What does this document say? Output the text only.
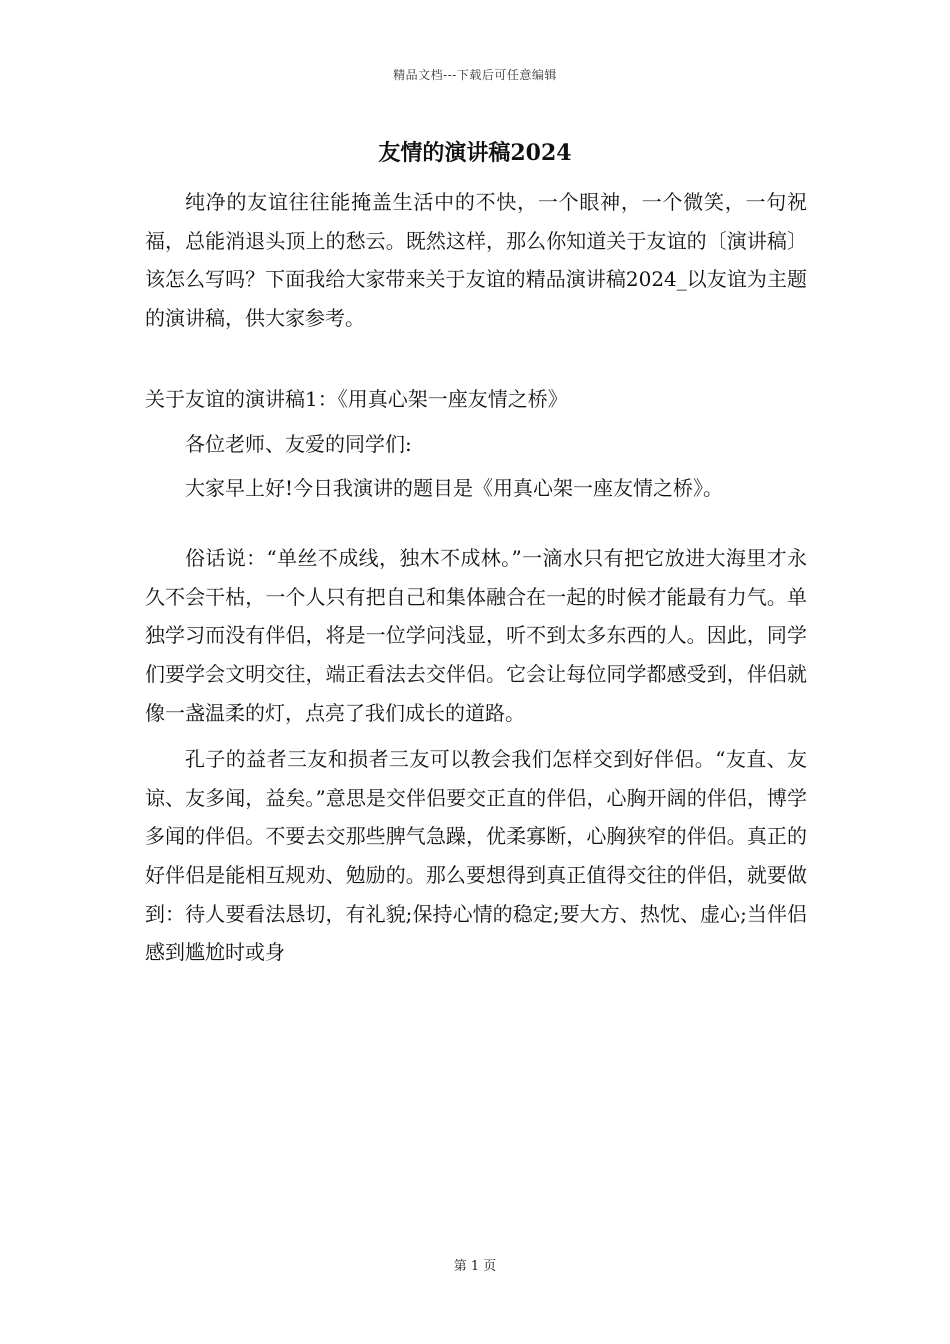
精品文档---下载后可任意编辑
友情的演讲稿2024

纯净的友谊往往能掩盖生活中的不快，一个眼神，一个微笑，一句祝福，总能消退头顶上的愁云。既然这样，那么你知道关于友谊的〔演讲稿〕该怎么写吗？下面我给大家带来关于友谊的精品演讲稿2024_以友谊为主题的演讲稿，供大家参考。

关于友谊的演讲稿1：《用真心架一座友情之桥》

各位老师、友爱的同学们:

大家早上好!今日我演讲的题目是《用真心架一座友情之桥》。

俗话说：“单丝不成线，独木不成林。”一滴水只有把它放进大海里才永久不会干枯，一个人只有把自己和集体融合在一起的时候才能最有力气。单独学习而没有伴侣，将是一位学问浅显，听不到太多东西的人。因此，同学们要学会文明交往，端正看法去交伴侣。它会让每位同学都感受到，伴侣就像一盏温柔的灯，点亮了我们成长的道路。

孔子的益者三友和损者三友可以教会我们怎样交到好伴侣。“友直、友谅、友多闻，益矣。”意思是交伴侣要交正直的伴侣，心胸开阔的伴侣，博学多闻的伴侣。不要去交那些脾气急躁，优柔寡断，心胸狭窄的伴侣。真正的好伴侣是能相互规劝、勉励的。那么要想得到真正值得交往的伴侣，就要做到：待人要看法恳切，有礼貌;保持心情的稳定;要大方、热忱、虚心;当伴侣感到尴尬时或身

第 1 页
